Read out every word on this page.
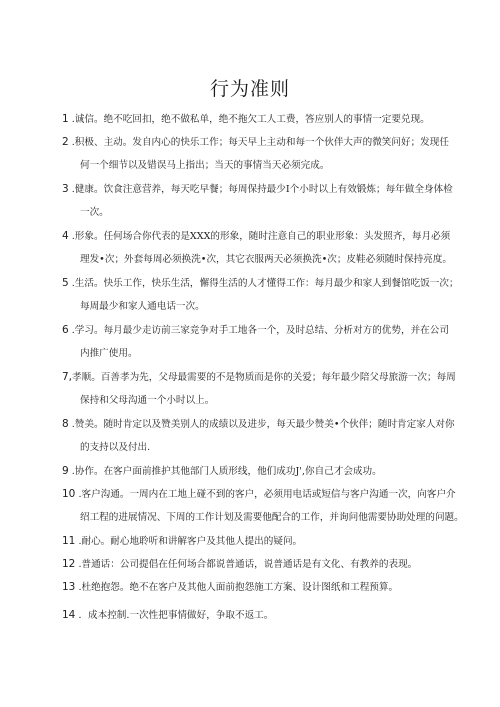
行为准则
1 .诚信。绝不吃回扣，绝不做私单，绝不拖欠工人工费，答应别人的事情一定要兑现。
2 .积极、主动。发自内心的快乐工作；每天早上主动和每一个伙伴大声的微笑问好；发现任
何一个细节以及错误马上指出；当天的事情当天必须完成。
3 .健康。饮食注意营养，每天吃早餐；每周保持最少I个小时以上有效锻炼；每年做全身体检
一次。
4 .形象。任何场合你代表的是XXX的形象，随时注意自己的职业形象：头发照齐，每月必须
理发•次；外套每周必须换洗•次，其它衣服两天必须换洗•次；皮鞋必须随时保持亮度。
5 .生活。快乐工作，快乐生活，懈得生活的人才懂得工作：每月最少和家人到餐馆吃饭一次；
每周最少和家人通电话一次。
6 .学习。每月最少走访前三家竞争对手工地各一个，及时总结、分析对方的优势，并在公司
内推广使用。
7,孝顺。百善孝为先，父母最需要的不是物质而是你的关爱；每年最少陪父母旅游一次；每周
保持和父母沟通一个小时以上。
8 .赞美。随时肯定以及赞美别人的成绩以及进步，每天最少赞美•个伙伴；随时肯定家人对你
的支持以及付出.
9 .协作。在客户面前推护其他部门人质形线，他们成功J',你自己才会成功。
10 .客户沟通。一周内在工地上碰不到的客户，必须用电话或短信与客户沟通一次，向客户介
绍工程的进展情况、下周的工作计划及需要他配合的工作，并询问他需要协助处理的问题。
11 .耐心。耐心地聆听和讲解客户及其他人提出的疑问。
12 .普通话：公司提倡在任何场合都说普通话，说普通话是有文化、有教养的表现。
13 .杜绝抱怨。绝不在客户及其他人面前抱怨施工方案、设计图纸和工程预算。
14 ．成本控制.一次性把事情做好，争取不返工。
